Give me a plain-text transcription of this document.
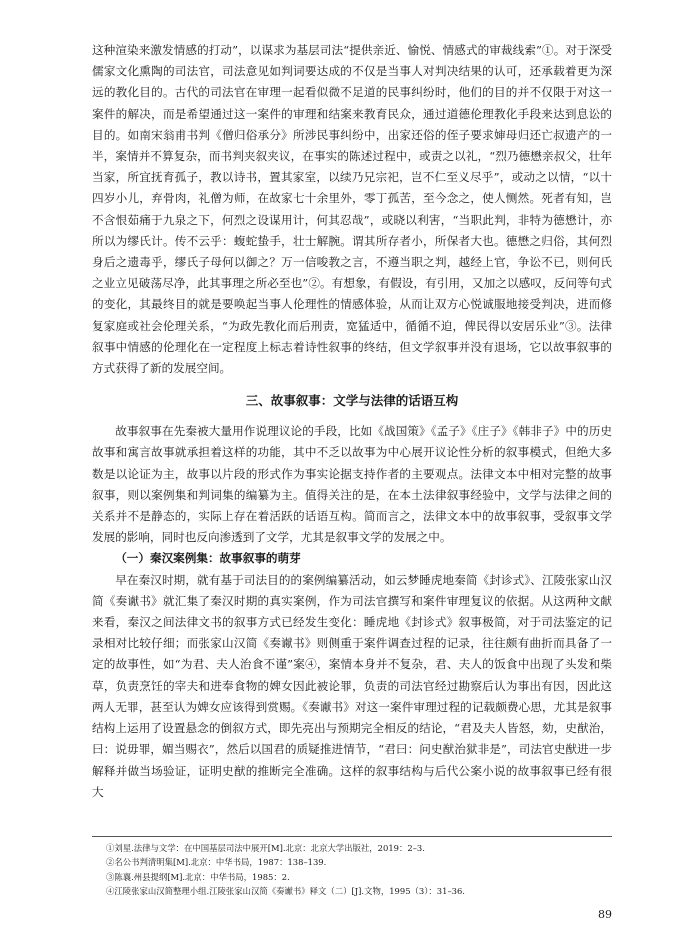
这种渲染来激发情感的打动”，以谋求为基层司法“提供亲近、愉悦、情感式的审裁线索”①。对于深受儒家文化熏陶的司法官，司法意见如判词要达成的不仅是当事人对判决结果的认可，还承载着更为深远的教化目的。古代的司法官在审理一起看似微不足道的民事纠纷时，他们的目的并不仅限于对这一案件的解决，而是希望通过这一案件的审理和结案来教育民众，通过道德伦理教化手段来达到息讼的目的。如南宋翁甫书判《僧归俗承分》所涉民事纠纷中，出家还俗的侄子要求婶母归还亡叔遗产的一半，案情并不算复杂，而书判夹叙夹议，在事实的陈述过程中，或责之以礼，“烈乃德懋亲叔父，壮年当家，所宜抚育孤子，教以诗书，置其家室，以续乃兄宗祀，岂不仁至义尽乎”，或动之以情，“以十四岁小儿，弃骨肉，礼僧为师，在故家七十余里外，零丁孤苦，至今念之，使人恻然。死者有知，岂不含恨茹痛于九泉之下，何烈之设谋用计，何其忍哉”，或晓以利害，“当职此判，非特为德懋计，亦所以为缪氏计。传不云乎：蝮蛇蛰手，壮士解腕。谓其所存者小，所保者大也。德懋之归俗，其何烈身后之遗毒乎，缪氏子母何以御之？万一信唆教之言，不遵当职之判，越经上官，争讼不已，则何氏之业立见破荡尽净，此其事理之所必至也”②。有想象，有假设，有引用，又加之以感叹，反问等句式的变化，其最终目的就是要唤起当事人伦理性的情感体验，从而让双方心悦诚服地接受判决，进而修复家庭或社会伦理关系，“为政先教化而后刑责，宽猛适中，循循不迫，俾民得以安居乐业”③。法律叙事中情感的伦理化在一定程度上标志着诗性叙事的终结，但文学叙事并没有退场，它以故事叙事的方式获得了新的发展空间。

三、故事叙事：文学与法律的话语互构

故事叙事在先秦被大量用作说理议论的手段，比如《战国策》《孟子》《庄子》《韩非子》中的历史故事和寓言故事就承担着这样的功能，其中不乏以故事为中心展开议论性分析的叙事模式，但绝大多数是以论证为主，故事以片段的形式作为事实论据支持作者的主要观点。法律文本中相对完整的故事叙事，则以案例集和判词集的编纂为主。值得关注的是，在本土法律叙事经验中，文学与法律之间的关系并不是静态的，实际上存在着活跃的话语互构。简而言之，法律文本中的故事叙事，受叙事文学发展的影响，同时也反向渗透到了文学，尤其是叙事文学的发展之中。

（一）秦汉案例集：故事叙事的萌芽

早在秦汉时期，就有基于司法目的的案例编纂活动，如云梦睡虎地秦简《封诊式》、江陵张家山汉简《奏谳书》就汇集了秦汉时期的真实案例，作为司法官撰写和案件审理复议的依据。从这两种文献来看，秦汉之间法律文书的叙事方式已经发生变化：睡虎地《封诊式》叙事极简，对于司法鉴定的记录相对比较仔细；而张家山汉简《奏谳书》则侧重于案件调查过程的记录，往往颇有曲折而具备了一定的故事性，如“为君、夫人治食不谨”案④，案情本身并不复杂，君、夫人的饭食中出现了头发和柴草，负责烹饪的宰夫和进奉食物的婢女因此被论罪，负责的司法官经过勘察后认为事出有因，因此这两人无罪，甚至认为婢女应该得到赏赐。《奏谳书》对这一案件审理过程的记载颇费心思，尤其是叙事结构上运用了设置悬念的倒叙方式，即先亮出与预期完全相反的结论，“君及夫人皆怒，劾，史猷治，曰：说毋罪，媚当赐衣”，然后以国君的质疑推进情节，“君曰：问史猷治狱非是”，司法官史猷进一步解释并做当场验证，证明史猷的推断完全准确。这样的叙事结构与后代公案小说的故事叙事已经有很大

①刘星.法律与文学：在中国基层司法中展开[M].北京：北京大学出版社，2019：2–3.
②名公书判清明集[M].北京：中华书局，1987：138–139.
③陈襄.州县提纲[M].北京：中华书局，1985：2.
④江陵张家山汉简整理小组.江陵张家山汉简《奏谳书》释文（二）[J].文物，1995（3）：31–36.
89
